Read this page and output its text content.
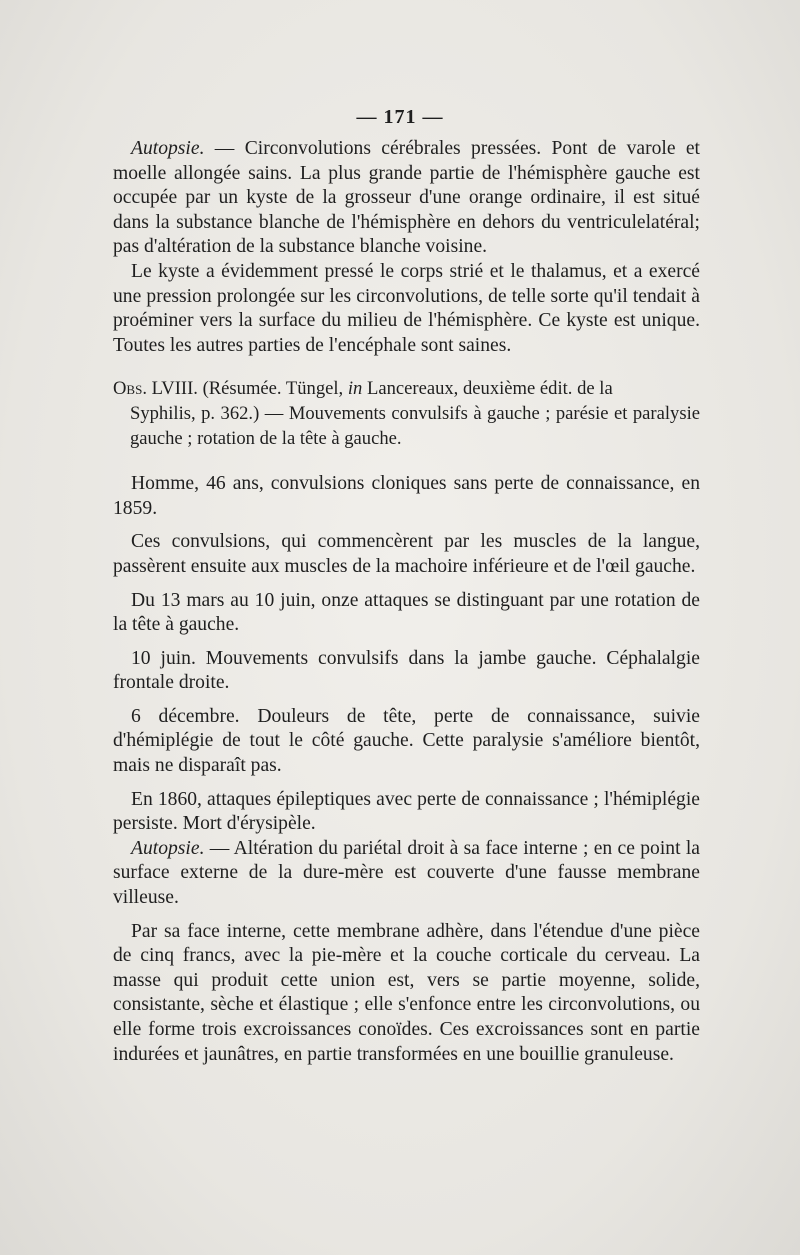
— 171 —

Autopsie. — Circonvolutions cérébrales pressées. Pont de varole et moelle allongée sains. La plus grande partie de l'hémisphère gauche est occupée par un kyste de la grosseur d'une orange ordinaire, il est situé dans la substance blanche de l'hémisphère en dehors du ventriculelatéral; pas d'altération de la substance blanche voisine.

Le kyste a évidemment pressé le corps strié et le thalamus, et a exercé une pression prolongée sur les circonvolutions, de telle sorte qu'il tendait à proéminer vers la surface du milieu de l'hémisphère. Ce kyste est unique. Toutes les autres parties de l'encéphale sont saines.

Obs. LVIII. (Résumée. Tüngel, in Lancereaux, deuxième édit. de la
Syphilis, p. 362.) — Mouvements convulsifs à gauche ; parésie et paralysie gauche ; rotation de la tête à gauche.

Homme, 46 ans, convulsions cloniques sans perte de connaissance, en 1859.

Ces convulsions, qui commencèrent par les muscles de la langue, passèrent ensuite aux muscles de la machoire inférieure et de l'œil gauche.

Du 13 mars au 10 juin, onze attaques se distinguant par une rotation de la tête à gauche.

10 juin. Mouvements convulsifs dans la jambe gauche. Céphalalgie frontale droite.

6 décembre. Douleurs de tête, perte de connaissance, suivie d'hémiplégie de tout le côté gauche. Cette paralysie s'améliore bientôt, mais ne disparaît pas.

En 1860, attaques épileptiques avec perte de connaissance ; l'hémiplégie persiste. Mort d'érysipèle.

Autopsie. — Altération du pariétal droit à sa face interne ; en ce point la surface externe de la dure-mère est couverte d'une fausse membrane villeuse.

Par sa face interne, cette membrane adhère, dans l'étendue d'une pièce de cinq francs, avec la pie-mère et la couche corticale du cerveau. La masse qui produit cette union est, vers se partie moyenne, solide, consistante, sèche et élastique ; elle s'enfonce entre les circonvolutions, ou elle forme trois excroissances conoïdes. Ces excroissances sont en partie indurées et jaunâtres, en partie transformées en une bouillie granuleuse.
